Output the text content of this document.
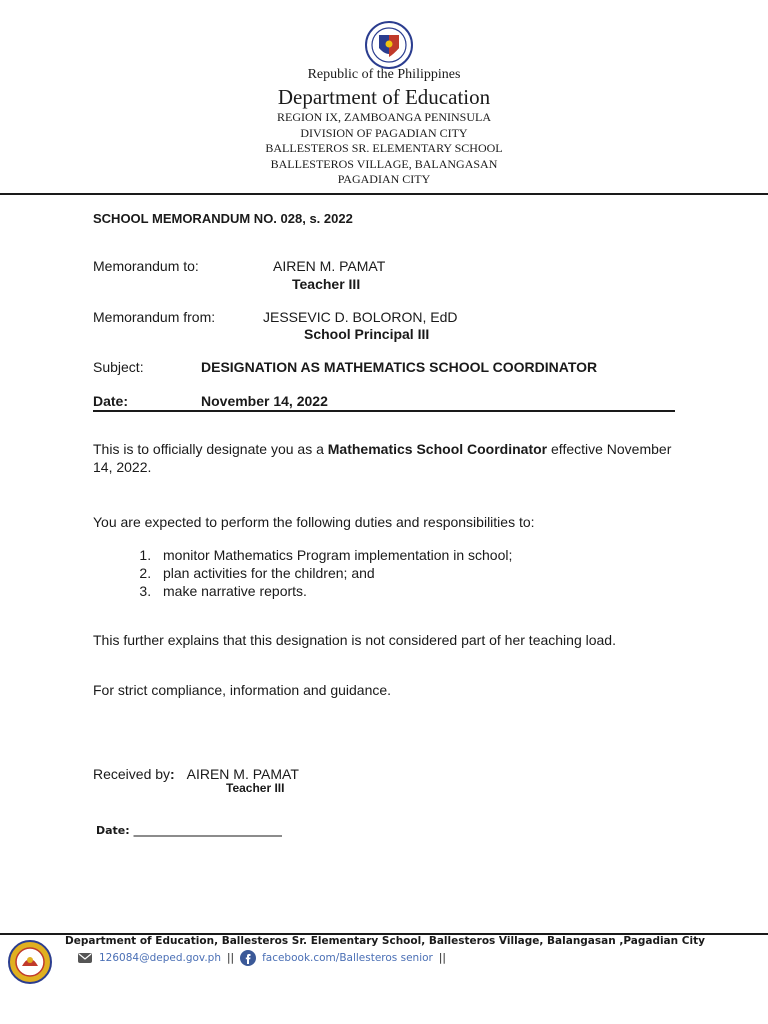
Republic of the Philippines
Department of Education
REGION IX, ZAMBOANGA PENINSULA
DIVISION OF PAGADIAN CITY
BALLESTEROS SR. ELEMENTARY SCHOOL
BALLESTEROS VILLAGE, BALANGASAN
PAGADIAN CITY
SCHOOL MEMORANDUM NO. 028, s. 2022
Memorandum to:	AIREN M. PAMAT
Teacher III
Memorandum from:	JESSEVIC D. BOLORON, EdD
School Principal III
Subject:	DESIGNATION AS MATHEMATICS SCHOOL COORDINATOR
Date:	November 14, 2022
This is to officially designate you as a Mathematics School Coordinator effective November 14, 2022.
You are expected to perform the following duties and responsibilities to:
1. monitor Mathematics Program implementation in school;
2. plan activities for the children; and
3. make narrative reports.
This further explains that this designation is not considered part of her teaching load.
For strict compliance, information and guidance.
Received by: AIREN M. PAMAT
Teacher III
Date: ___________________________
Department of Education, Ballesteros Sr. Elementary School, Ballesteros Village, Balangasan ,Pagadian City
126084@deped.gov.ph ||	facebook.com/Ballesteros senior ||
